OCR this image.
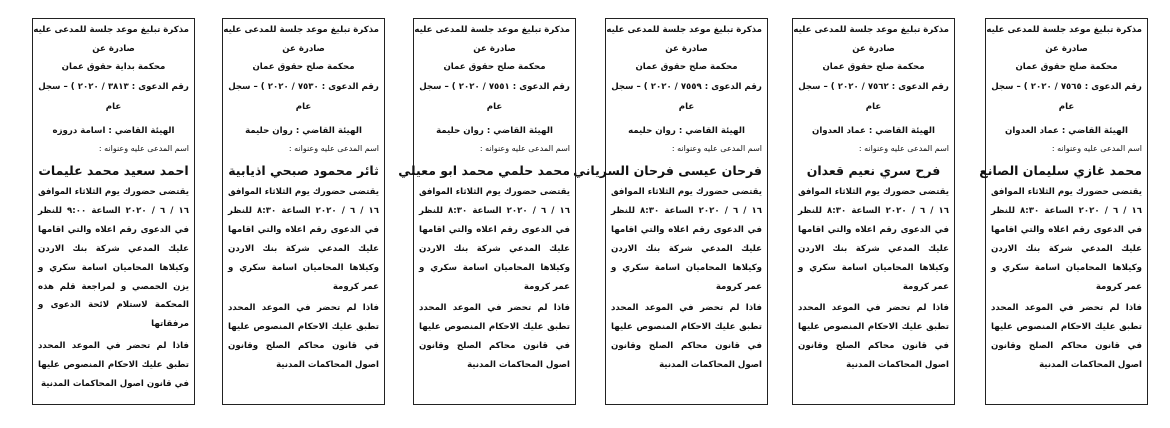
مذكرة تبليغ موعد جلسة للمدعى عليه
صادرة عن
محكمة صلح حقوق عمان
رقم الدعوى : ٧٥٦٥ / ٢٠٢٠ ) – سجل
عام
الهيئة القاضي : عماد العدوان
اسم المدعى عليه وعنوانه :
محمد غازي سليمان الصانع
يقتضى حضورك يوم الثلاثاء الموافق ١٦ / ٦ / ٢٠٢٠ الساعة ٨:٣٠ للنظر في الدعوى رقم اعلاه والتي اقامها عليك المدعي شركة بنك الاردن وكيلاها المحاميان اسامة سكري و عمر كرومة
فاذا لم تحضر في الموعد المحدد تطبق عليك الاحكام المنصوص عليها في قانون محاكم الصلح وقانون اصول المحاكمات المدنية
مذكرة تبليغ موعد جلسة للمدعى عليه
صادرة عن
محكمة صلح حقوق عمان
رقم الدعوى : ٧٥٦٢ / ٢٠٢٠ ) – سجل
عام
الهيئة القاضي : عماد العدوان
اسم المدعى عليه وعنوانه :
فرح سري نعيم قعدان
يقتضى حضورك يوم الثلاثاء الموافق ١٦ / ٦ / ٢٠٢٠ الساعة ٨:٣٠ للنظر في الدعوى رقم اعلاه والتي اقامها عليك المدعي شركة بنك الاردن وكيلاها المحاميان اسامة سكري و عمر كرومة
فاذا لم تحضر في الموعد المحدد تطبق عليك الاحكام المنصوص عليها في قانون محاكم الصلح وقانون اصول المحاكمات المدنية
مذكرة تبليغ موعد جلسة للمدعى عليه
صادرة عن
محكمة صلح حقوق عمان
رقم الدعوى : ٧٥٥٩ / ٢٠٢٠ ) – سجل
عام
الهيئة القاضي : روان حليمه
اسم المدعى عليه وعنوانه :
فرحان عيسى فرحان السرياني
يقتضى حضورك يوم الثلاثاء الموافق ١٦ / ٦ / ٢٠٢٠ الساعة ٨:٣٠ للنظر في الدعوى رقم اعلاه والتي اقامها عليك المدعي شركة بنك الاردن وكيلاها المحاميان اسامة سكري و عمر كرومة
فاذا لم تحضر في الموعد المحدد تطبق عليك الاحكام المنصوص عليها في قانون محاكم الصلح وقانون اصول المحاكمات المدنية
مذكرة تبليغ موعد جلسة للمدعى عليه
صادرة عن
محكمة صلح حقوق عمان
رقم الدعوى : ٧٥٥١ / ٢٠٢٠ ) – سجل
عام
الهيئة القاضي : روان حليمة
اسم المدعى عليه وعنوانه :
محمد حلمي محمد ابو معيلي
يقتضى حضورك يوم الثلاثاء الموافق ١٦ / ٦ / ٢٠٢٠ الساعة ٨:٣٠ للنظر في الدعوى رقم اعلاه والتي اقامها عليك المدعي شركة بنك الاردن وكيلاها المحاميان اسامة سكري و عمر كرومة
فاذا لم تحضر في الموعد المحدد تطبق عليك الاحكام المنصوص عليها في قانون محاكم الصلح وقانون اصول المحاكمات المدنية
مذكرة تبليغ موعد جلسة للمدعى عليه
صادرة عن
محكمة صلح حقوق عمان
رقم الدعوى : ٧٥٣٠ / ٢٠٢٠ ) – سجل
عام
الهيئة القاضي : روان حليمة
اسم المدعى عليه وعنوانه :
ثائر محمود صبحي اذيابية
يقتضى حضورك يوم الثلاثاء الموافق ١٦ / ٦ / ٢٠٢٠ الساعة ٨:٣٠ للنظر في الدعوى رقم اعلاه والتي اقامها عليك المدعي شركة بنك الاردن وكيلاها المحاميان اسامة سكري و عمر كرومة
فاذا لم تحضر في الموعد المحدد تطبق عليك الاحكام المنصوص عليها في قانون محاكم الصلح وقانون اصول المحاكمات المدنية
مذكرة تبليغ موعد جلسة للمدعى عليه
صادرة عن
محكمة بداية حقوق عمان
رقم الدعوى : ٣٨١٣ / ٢٠٢٠ ) – سجل
عام
الهيئة القاضي : اسامة دروزه
اسم المدعى عليه وعنوانه :
احمد سعيد محمد عليمات
يقتضى حضورك يوم الثلاثاء الموافق ١٦ / ٦ / ٢٠٢٠ الساعة ٩:٠٠ للنظر في الدعوى رقم اعلاه والتي اقامها عليك المدعي شركة بنك الاردن وكيلاها المحاميان اسامة سكري و يزن الحمصي و لمراجعة قلم هذه المحكمة لاستلام لائحة الدعوى و مرفقاتها
فاذا لم تحضر في الموعد المحدد تطبق عليك الاحكام المنصوص عليها في قانون اصول المحاكمات المدنية
